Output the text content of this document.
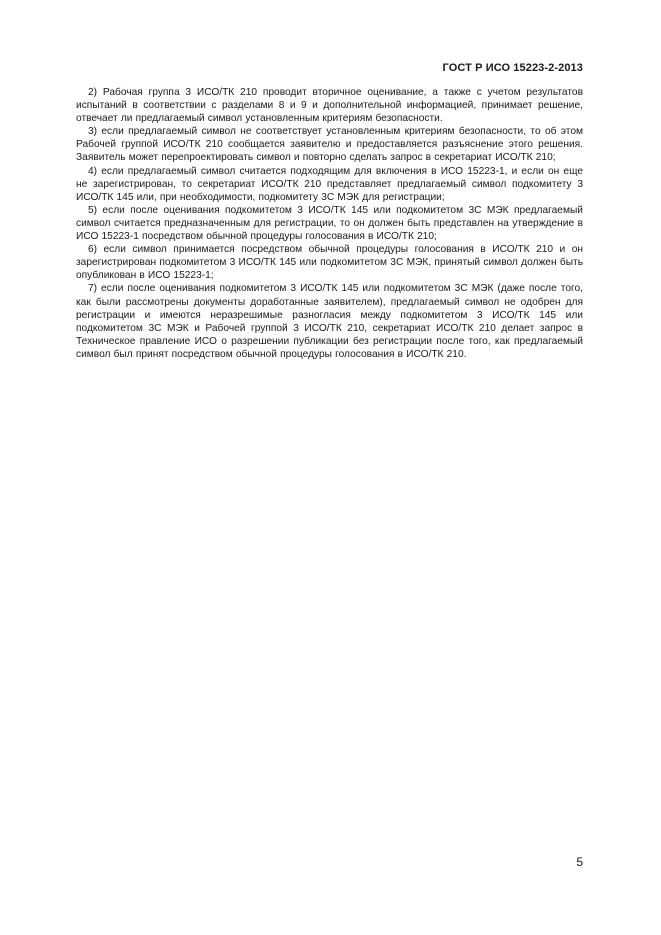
ГОСТ Р ИСО 15223-2-2013

2) Рабочая группа 3 ИСО/ТК 210 проводит вторичное оценивание, а также с учетом результатов испытаний в соответствии с разделами 8 и 9 и дополнительной информацией, принимает решение, отвечает ли предлагаемый символ установленным критериям безопасности.

3) если предлагаемый символ не соответствует установленным критериям безопасности, то об этом Рабочей группой ИСО/ТК 210 сообщается заявителю и предоставляется разъяснение этого решения. Заявитель может перепроектировать символ и повторно сделать запрос в секретариат ИСО/ТК 210;

4) если предлагаемый символ считается подходящим для включения в ИСО 15223-1, и если он еще не зарегистрирован, то секретариат ИСО/ТК 210 представляет предлагаемый символ подкомитету 3 ИСО/ТК 145 или, при необходимости, подкомитету 3С МЭК для регистрации;

5) если после оценивания подкомитетом 3 ИСО/ТК 145 или подкомитетом 3С МЭК предлагаемый символ считается предназначенным для регистрации, то он должен быть представлен на утверждение в ИСО 15223-1 посредством обычной процедуры голосования в ИСО/ТК 210;

6) если символ принимается посредством обычной процедуры голосования в ИСО/ТК 210 и он зарегистрирован подкомитетом 3 ИСО/ТК 145 или подкомитетом 3С МЭК, принятый символ должен быть опубликован в ИСО 15223-1;

7) если после оценивания подкомитетом 3 ИСО/ТК 145 или подкомитетом 3С МЭК (даже после того, как были рассмотрены документы доработанные заявителем), предлагаемый символ не одобрен для регистрации и имеются неразрешимые разногласия между подкомитетом 3 ИСО/ТК 145 или подкомитетом 3С МЭК и Рабочей группой 3 ИСО/ТК 210, секретариат ИСО/ТК 210 делает запрос в Техническое правление ИСО о разрешении публикации без регистрации после того, как предлагаемый символ был принят посредством обычной процедуры голосования в ИСО/ТК 210.

5
